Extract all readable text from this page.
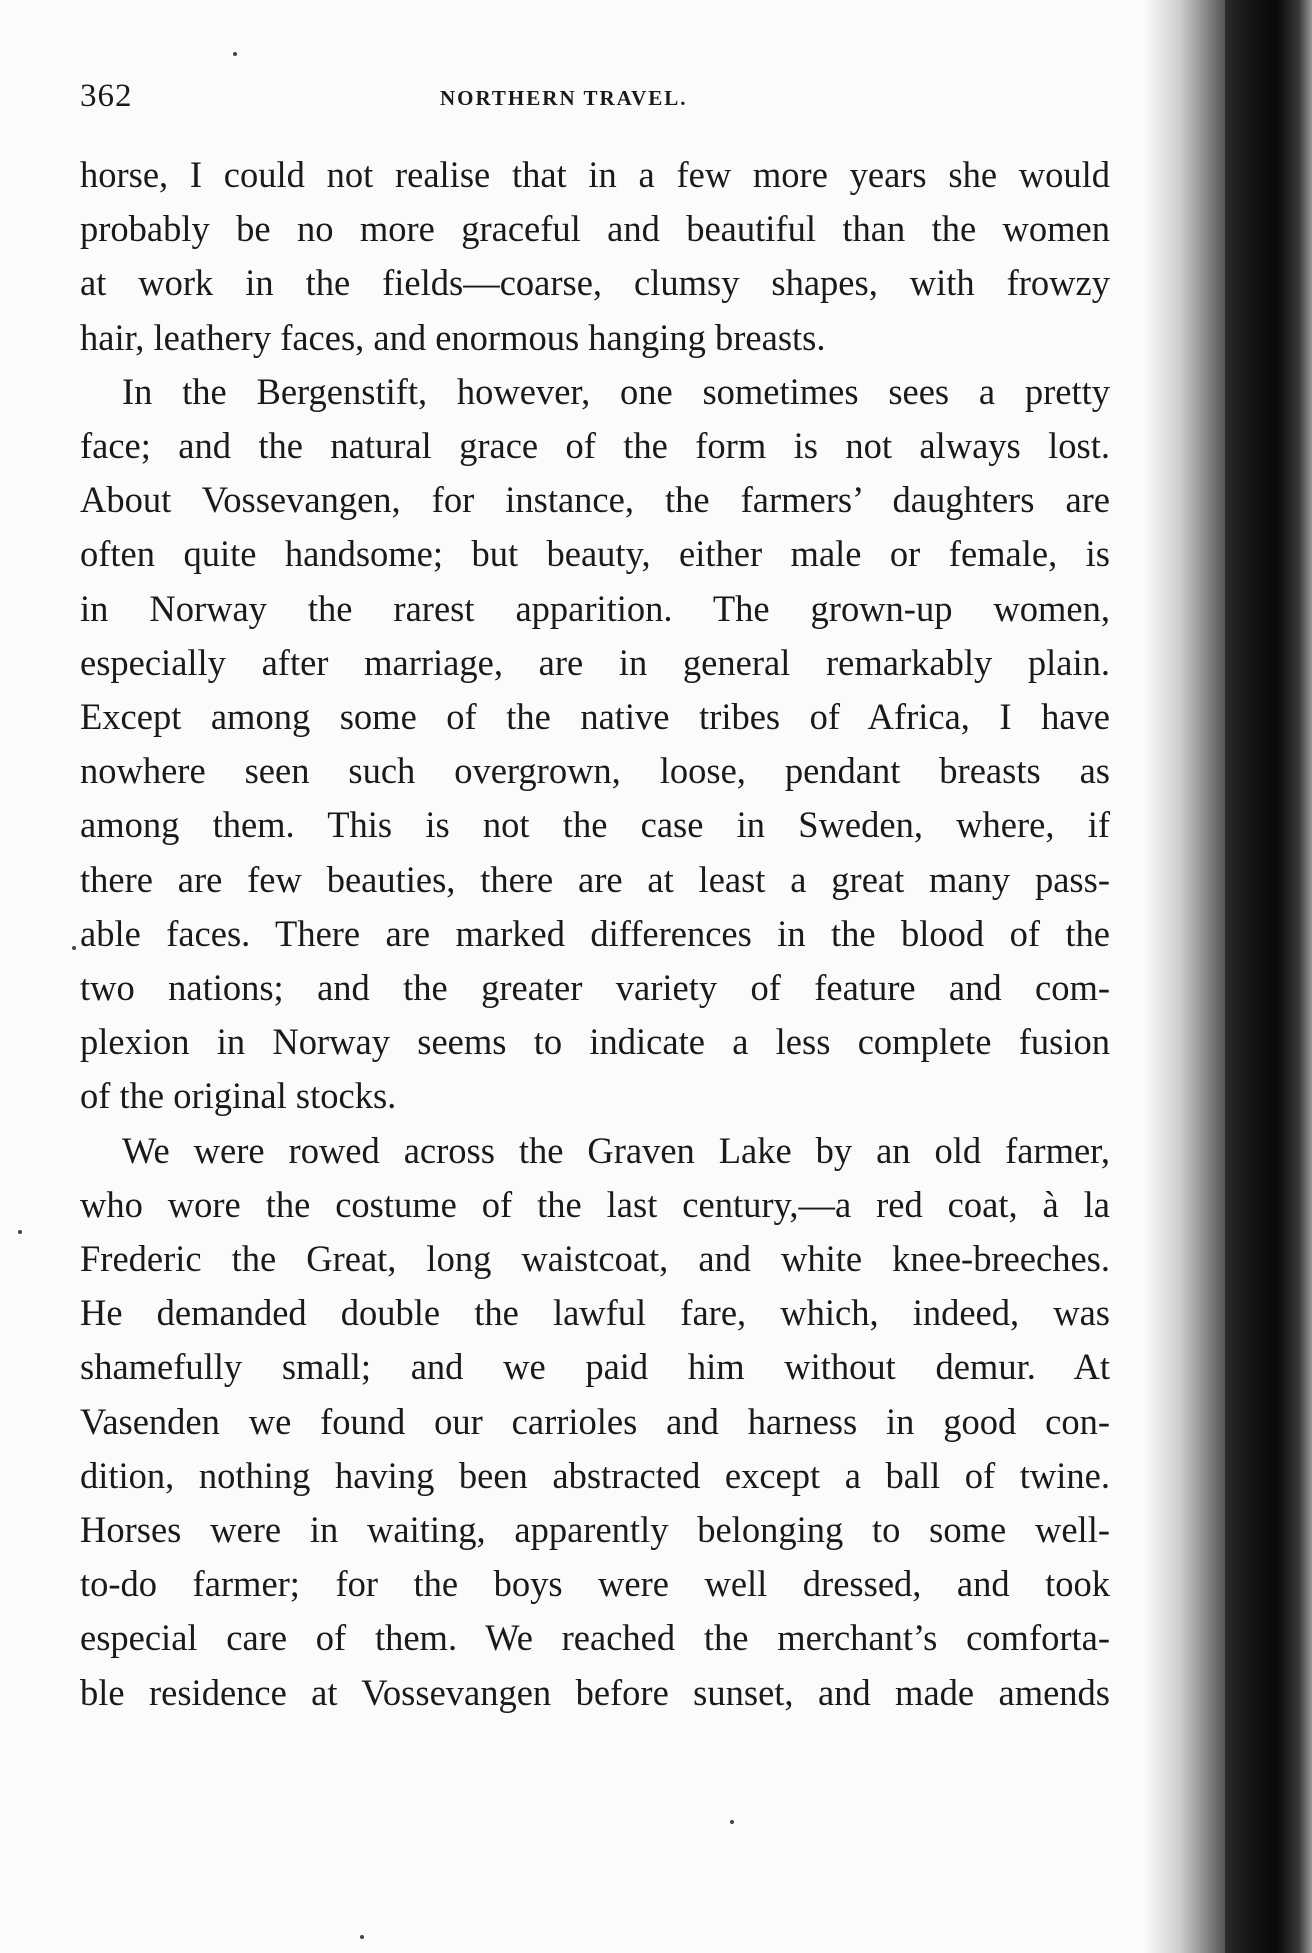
362	NORTHERN TRAVEL.
horse, I could not realise that in a few more years she would
probably be no more graceful and beautiful than the women
at work in the fields—coarse, clumsy shapes, with frowzy
hair, leathery faces, and enormous hanging breasts.
In the Bergenstift, however, one sometimes sees a pretty
face; and the natural grace of the form is not always lost.
About Vossevangen, for instance, the farmers’ daughters are
often quite handsome; but beauty, either male or female, is
in Norway the rarest apparition. The grown-up women,
especially after marriage, are in general remarkably plain.
Except among some of the native tribes of Africa, I have
nowhere seen such overgrown, loose, pendant breasts as
among them. This is not the case in Sweden, where, if
there are few beauties, there are at least a great many pass-
able faces. There are marked differences in the blood of the
two nations; and the greater variety of feature and com-
plexion in Norway seems to indicate a less complete fusion
of the original stocks.
We were rowed across the Graven Lake by an old farmer,
who wore the costume of the last century,—a red coat, à la
Frederic the Great, long waistcoat, and white knee-breeches.
He demanded double the lawful fare, which, indeed, was
shamefully small; and we paid him without demur. At
Vasenden we found our carrioles and harness in good con-
dition, nothing having been abstracted except a ball of twine.
Horses were in waiting, apparently belonging to some well-
to-do farmer; for the boys were well dressed, and took
especial care of them. We reached the merchant’s comforta-
ble residence at Vossevangen before sunset, and made amends
